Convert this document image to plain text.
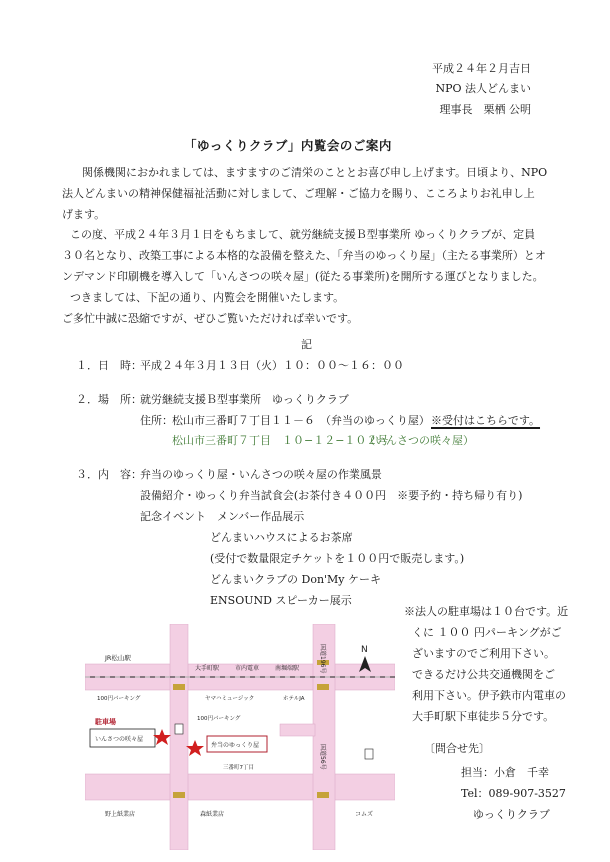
平成２４年２月吉日
NPO 法人どんまい
理事長　栗栖 公明
「ゆっくりクラブ」内覧会のご案内
関係機関におかれましては、ますますのご清栄のこととお喜び申し上げます。日頃より、NPO
法人どんまいの精神保健福祉活動に対しまして、ご理解・ご協力を賜り、こころよりお礼申し上
げます。
この度、平成２４年３月１日をもちまして、就労継続支援Ｂ型事業所 ゆっくりクラブが、定員
３０名となり、改築工事による本格的な設備を整えた、「弁当のゆっくり屋」（主たる事業所）とオ
ンデマンド印刷機を導入して「いんさつの咲々屋」(従たる事業所)を開所する運びとなりました。
つきましては、下記の通り、内覧会を開催いたします。
ご多忙中誠に恐縮ですが、ぜひご覧いただければ幸いです。
記
１．日　時：
平成２４年３月１３日（火）１０：００～１６：００
２．場　所：
就労継続支援Ｂ型事業所　ゆっくりクラブ
住所： 松山市三番町７丁目１１－６ （弁当のゆっくり屋） ※受付はこちらです。
松山市三番町７丁目　１０−１２−１０２号
（いんさつの咲々屋）
３．内　容：
弁当のゆっくり屋・いんさつの咲々屋の作業風景
設備紹介・ゆっくり弁当試食会(お茶付き４００円　※要予約・持ち帰り有り)
記念イベント　メンバー作品展示
どんまいハウスによるお茶席
(受付で数量限定チケットを１００円で販売します。)
どんまいクラブの Don'My ケーキ
ENSOUND スピーカー展示
※法人の駐車場は１０台です。近
くに １００ 円パーキングがご
ざいますのでご利用下さい。
できるだけ公共交通機関をご
利用下さい。伊予鉄市内電車の
大手町駅下車徒歩５分です。
〔問合せ先〕
担当：小倉　千幸
Tel：089-907-3527
ゆっくりクラブ
N
JR松山駅
大手町駅	市内電車	南堀端駅	国道196号
国道56号
100円パーキング	ヤマハミュージック	ホテルJA
100円パーキング
駐車場
いんさつの咲々屋
弁当のゆっくり屋
三番町7丁目
野上紙業店	森紙業店	コムズ
